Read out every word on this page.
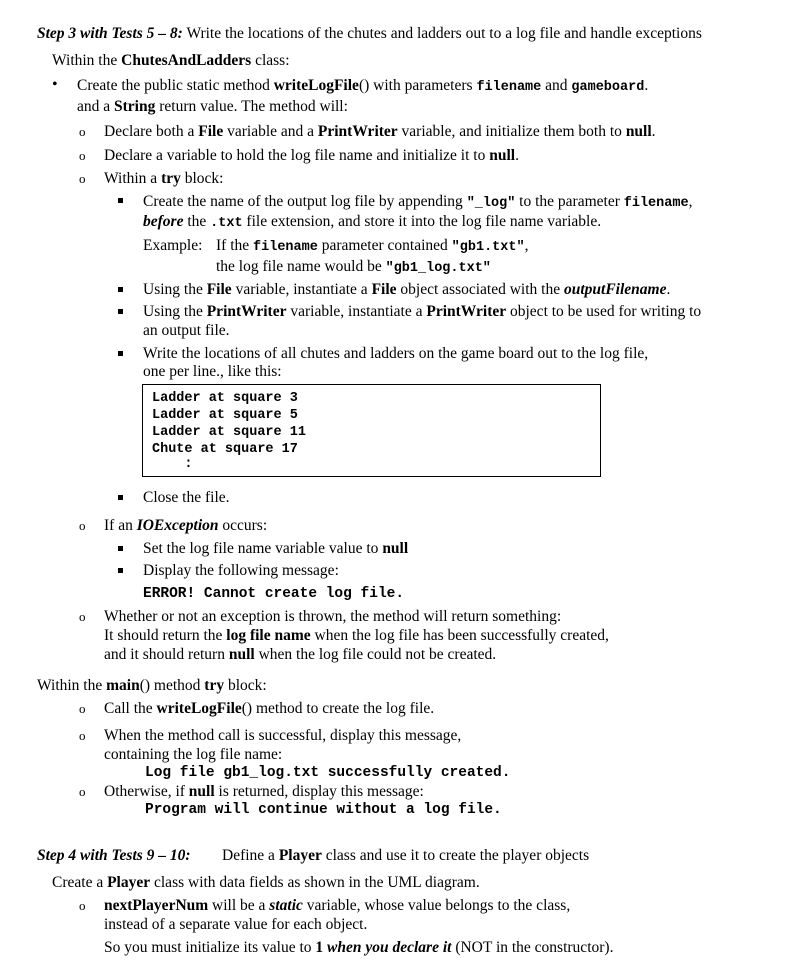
Step 3 with Tests 5 – 8: Write the locations of the chutes and ladders out to a log file and handle exceptions
Within the ChutesAndLadders class:
• Create the public static method writeLogFile() with parameters filename and gameboard.
and a String return value. The method will:
o Declare both a File variable and a PrintWriter variable, and initialize them both to null.
o Declare a variable to hold the log file name and initialize it to null.
o Within a try block:
Create the name of the output log file by appending "_log" to the parameter filename,
before the .txt file extension, and store it into the log file name variable.
Example: If the filename parameter contained "gb1.txt",
the log file name would be "gb1_log.txt"
Using the File variable, instantiate a File object associated with the outputFilename.
Using the PrintWriter variable, instantiate a PrintWriter object to be used for writing to
an output file.
Write the locations of all chutes and ladders on the game board out to the log file,
one per line., like this:
Ladder at square 3
Ladder at square 5
Ladder at square 11
Chute at square 17
:
Close the file.
o If an IOException occurs:
Set the log file name variable value to null
Display the following message:
ERROR! Cannot create log file.
o Whether or not an exception is thrown, the method will return something:
It should return the log file name when the log file has been successfully created,
and it should return null when the log file could not be created.
Within the main() method try block:
o Call the writeLogFile() method to create the log file.
o When the method call is successful, display this message,
containing the log file name:
Log file gb1_log.txt successfully created.
o Otherwise, if null is returned, display this message:
Program will continue without a log file.
Step 4 with Tests 9 – 10: Define a Player class and use it to create the player objects
Create a Player class with data fields as shown in the UML diagram.
o nextPlayerNum will be a static variable, whose value belongs to the class,
instead of a separate value for each object.
So you must initialize its value to 1 when you declare it (NOT in the constructor).
